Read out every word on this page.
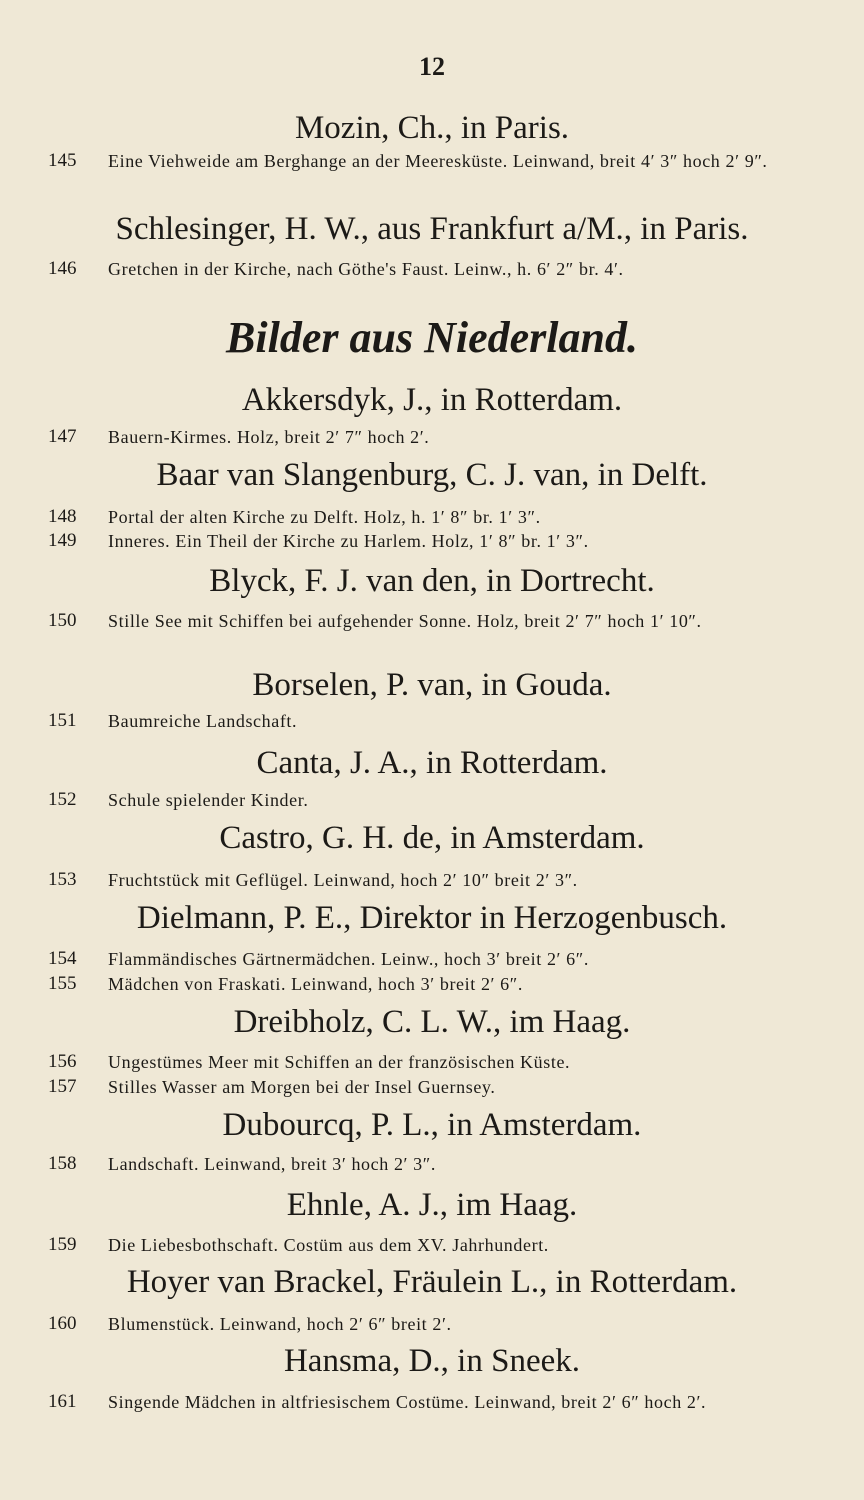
12
Mozin, Ch., in Paris.
145 Eine Viehweide am Berghange an der Meeresküste. Leinwand, breit 4′ 3″ hoch 2′ 9″.
Schlesinger, H. W., aus Frankfurt a/M., in Paris.
146 Gretchen in der Kirche, nach Göthe's Faust. Leinw., h. 6′ 2″ br. 4′.
Bilder aus Niederland.
Akkersdyk, J., in Rotterdam.
147 Bauern-Kirmes. Holz, breit 2′ 7″ hoch 2′.
Baar van Slangenburg, C. J. van, in Delft.
148 Portal der alten Kirche zu Delft. Holz, h. 1′ 8″ br. 1′ 3″.
149 Inneres. Ein Theil der Kirche zu Harlem. Holz, 1′ 8″ br. 1′ 3″.
Blyck, F. J. van den, in Dortrecht.
150 Stille See mit Schiffen bei aufgehender Sonne. Holz, breit 2′ 7″ hoch 1′ 10″.
Borselen, P. van, in Gouda.
151 Baumreiche Landschaft.
Canta, J. A., in Rotterdam.
152 Schule spielender Kinder.
Castro, G. H. de, in Amsterdam.
153 Fruchtstück mit Geflügel. Leinwand, hoch 2′ 10″ breit 2′ 3″.
Dielmann, P. E., Direktor in Herzogenbusch.
154 Flammändisches Gärtnermädchen. Leinw., hoch 3′ breit 2′ 6″.
155 Mädchen von Fraskati. Leinwand, hoch 3′ breit 2′ 6″.
Dreibholz, C. L. W., im Haag.
156 Ungestümes Meer mit Schiffen an der französischen Küste.
157 Stilles Wasser am Morgen bei der Insel Guernsey.
Dubourcq, P. L., in Amsterdam.
158 Landschaft. Leinwand, breit 3′ hoch 2′ 3″.
Ehnle, A. J., im Haag.
159 Die Liebesbothschaft. Costüm aus dem XV. Jahrhundert.
Hoyer van Brackel, Fräulein L., in Rotterdam.
160 Blumenstück. Leinwand, hoch 2′ 6″ breit 2′.
Hansma, D., in Sneek.
161 Singende Mädchen in altfriesischem Costüme. Leinwand, breit 2′ 6″ hoch 2′.
